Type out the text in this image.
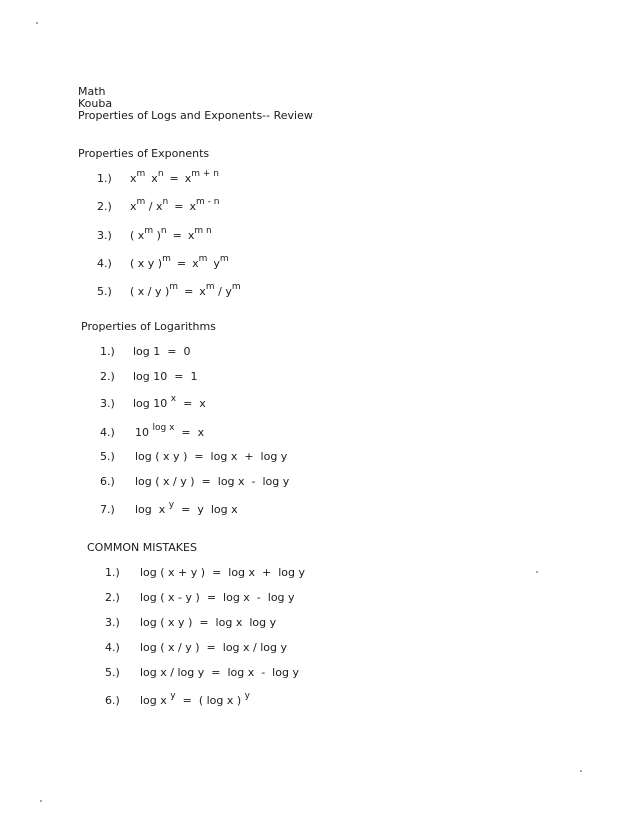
Math
Kouba
Properties of Logs and Exponents-- Review
Properties of Exponents
1.)	$x^m$ $x^n = x^{m + n}$
2.)	$x^m / x^n = x^{m - n}$
3.)	( $x^m$ )$^n = x^{m n}$
4.)	( x y )$^m = x^m$ $y^m$
5.)	( x / y )$^m = x^m / y^m$
Properties of Logarithms
1.)	log 1  =  0
2.)	log 10  =  1
3.)	log 10 $^x$ =  x
4.)	10 $^{log x}$ =  x
5.)	log ( x y )  =  log x  +  log y
6.)	log ( x / y )  =  log x  -  log y
7.)	log  x $^y$ =  y  log x
COMMON MISTAKES
1.)	log ( x + y )  =  log x  +  log y
2.)	log ( x - y )  =  log x  -  log y
3.)	log ( x y )  =  log x  log y
4.)	log ( x / y )  =  log x / log y
5.)	log x / log y  =  log x  -  log y
6.)	log x $^y$ =  ( log x ) $^y$
